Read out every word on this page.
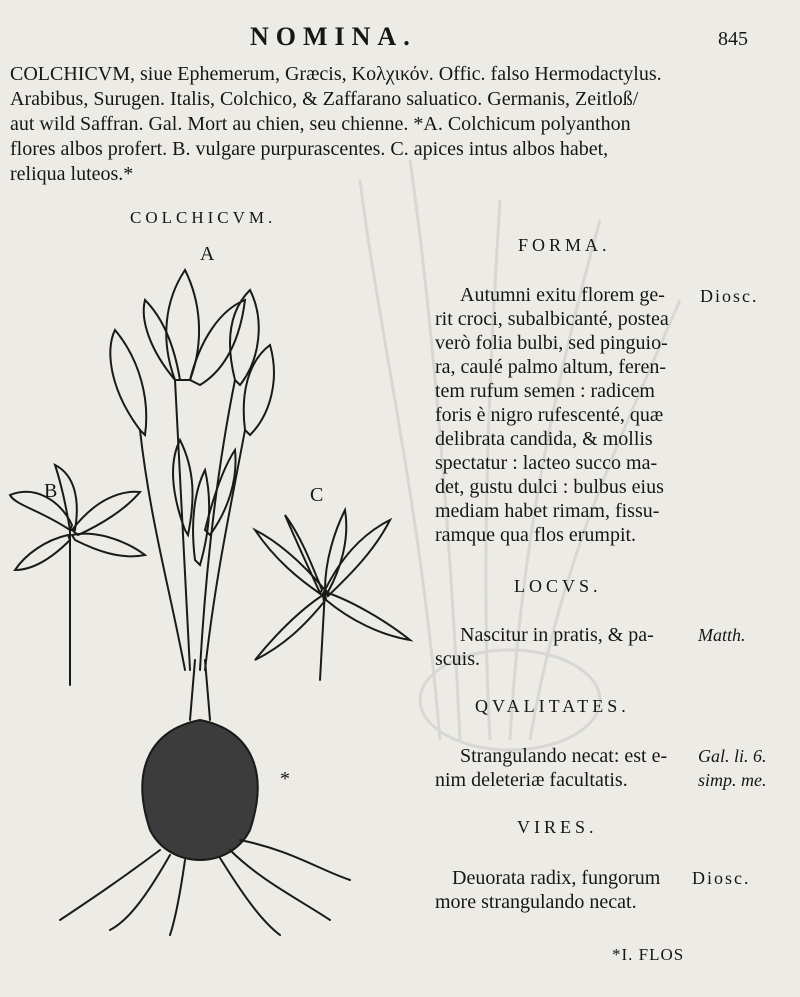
NOMINA.	845
COLCHICVM, siue Ephemerum, Græcis, Κολχικόν. Offic. falso Hermodactylus.
Arabibus, Surugen. Italis, Colchico, & Zaffarano saluatico. Germanis, Zeitloß/
aut wild Saffran. Gal. Mort au chien, seu chienne. *A. Colchicum polyanthon
flores albos profert. B. vulgare purpurascentes. C. apices intus albos habet,
reliqua luteos.*
COLCHICVM.
A
B	C
*
FORMA.
Autumni exitu florem ge-
rit croci, subalbicanté, postea
verò folia bulbi, sed pinguio-
ra, caulé palmo altum, feren-
tem rufum semen : radicem
foris è nigro rufescenté, quæ
delibrata candida, & mollis
spectatur : lacteo succo ma-
det, gustu dulci : bulbus eius
mediam habet rimam, fissu-
ramque qua flos erumpit.
Diosc.
LOCVS.
Nascitur in pratis, & pa-
scuis.
Matth.
QVALITATES.
Strangulando necat: est e-
nim deleteriæ facultatis.
Gal. li. 6.
simp. me.
VIRES.
Deuorata radix, fungorum
more strangulando necat.
Diosc.
*I. FLOS
